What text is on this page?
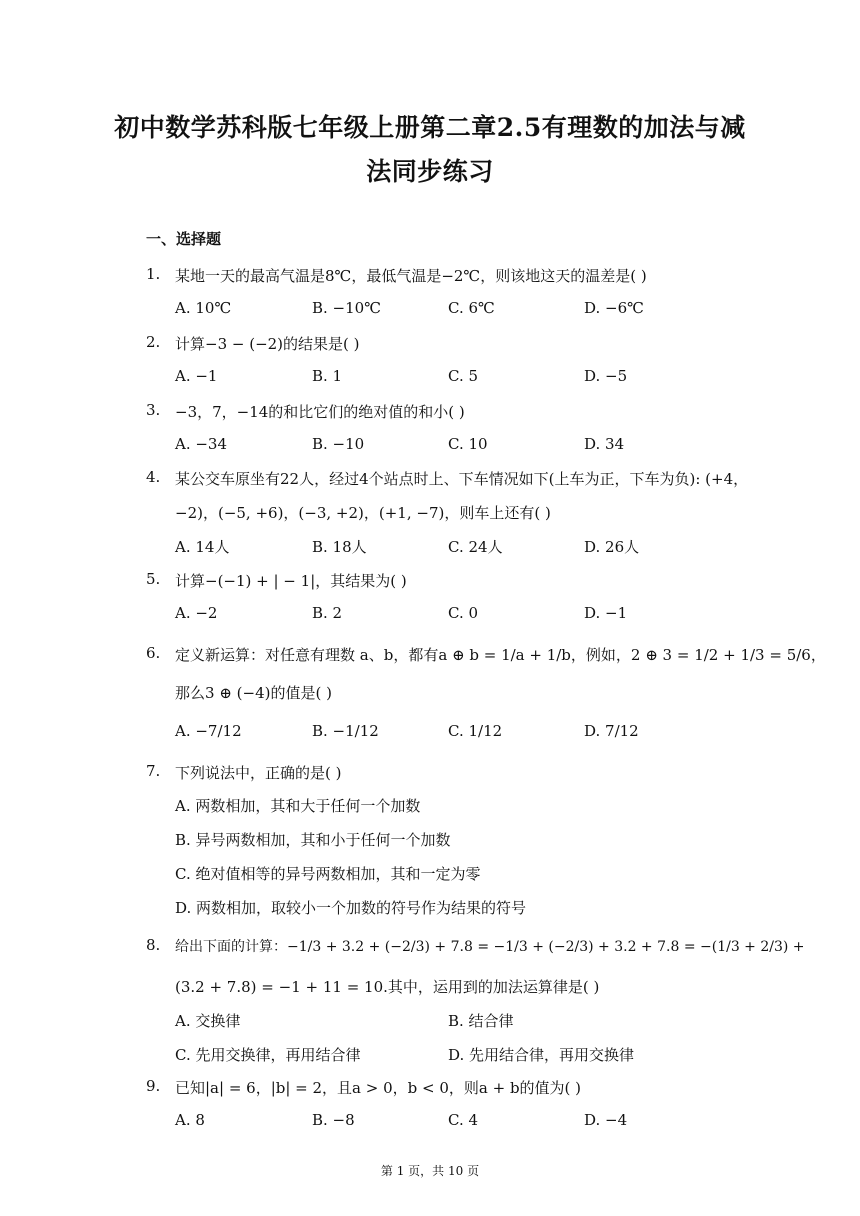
初中数学苏科版七年级上册第二章2.5有理数的加法与减
法同步练习
一、选择题
1. 某地一天的最高气温是8℃，最低气温是−2℃，则该地这天的温差是( )
A. 10℃	B. −10℃	C. 6℃	D. −6℃
2. 计算−3 − (−2)的结果是( )
A. −1	B. 1	C. 5	D. −5
3. −3，7，−14的和比它们的绝对值的和小( )
A. −34	B. −10	C. 10	D. 34
4. 某公交车原坐有22人，经过4个站点时上、下车情况如下(上车为正，下车为负): (+4，
−2)，(−5, +6)，(−3, +2)，(+1, −7)，则车上还有( )
A. 14人	B. 18人	C. 24人	D. 26人
5. 计算−(−1) + | − 1|，其结果为( )
A. −2	B. 2	C. 0	D. −1
6. 定义新运算：对任意有理数 a、b，都有a ⊕ b = 1/a + 1/b，例如，2 ⊕ 3 = 1/2 + 1/3 = 5/6，
那么3 ⊕ (−4)的值是( )
A. −7/12	B. −1/12	C. 1/12	D. 7/12
7. 下列说法中，正确的是( )
A. 两数相加，其和大于任何一个加数
B. 异号两数相加，其和小于任何一个加数
C. 绝对值相等的异号两数相加，其和一定为零
D. 两数相加，取较小一个加数的符号作为结果的符号
8. 给出下面的计算：−1/3 + 3.2 + (−2/3) + 7.8 = −1/3 + (−2/3) + 3.2 + 7.8 = −(1/3 + 2/3) +
(3.2 + 7.8) = −1 + 11 = 10.其中，运用到的加法运算律是( )
A. 交换律	B. 结合律
C. 先用交换律，再用结合律	D. 先用结合律，再用交换律
9. 已知|a| = 6，|b| = 2，且a > 0，b < 0，则a + b的值为( )
A. 8	B. −8	C. 4	D. −4
第 1 页，共 10 页
